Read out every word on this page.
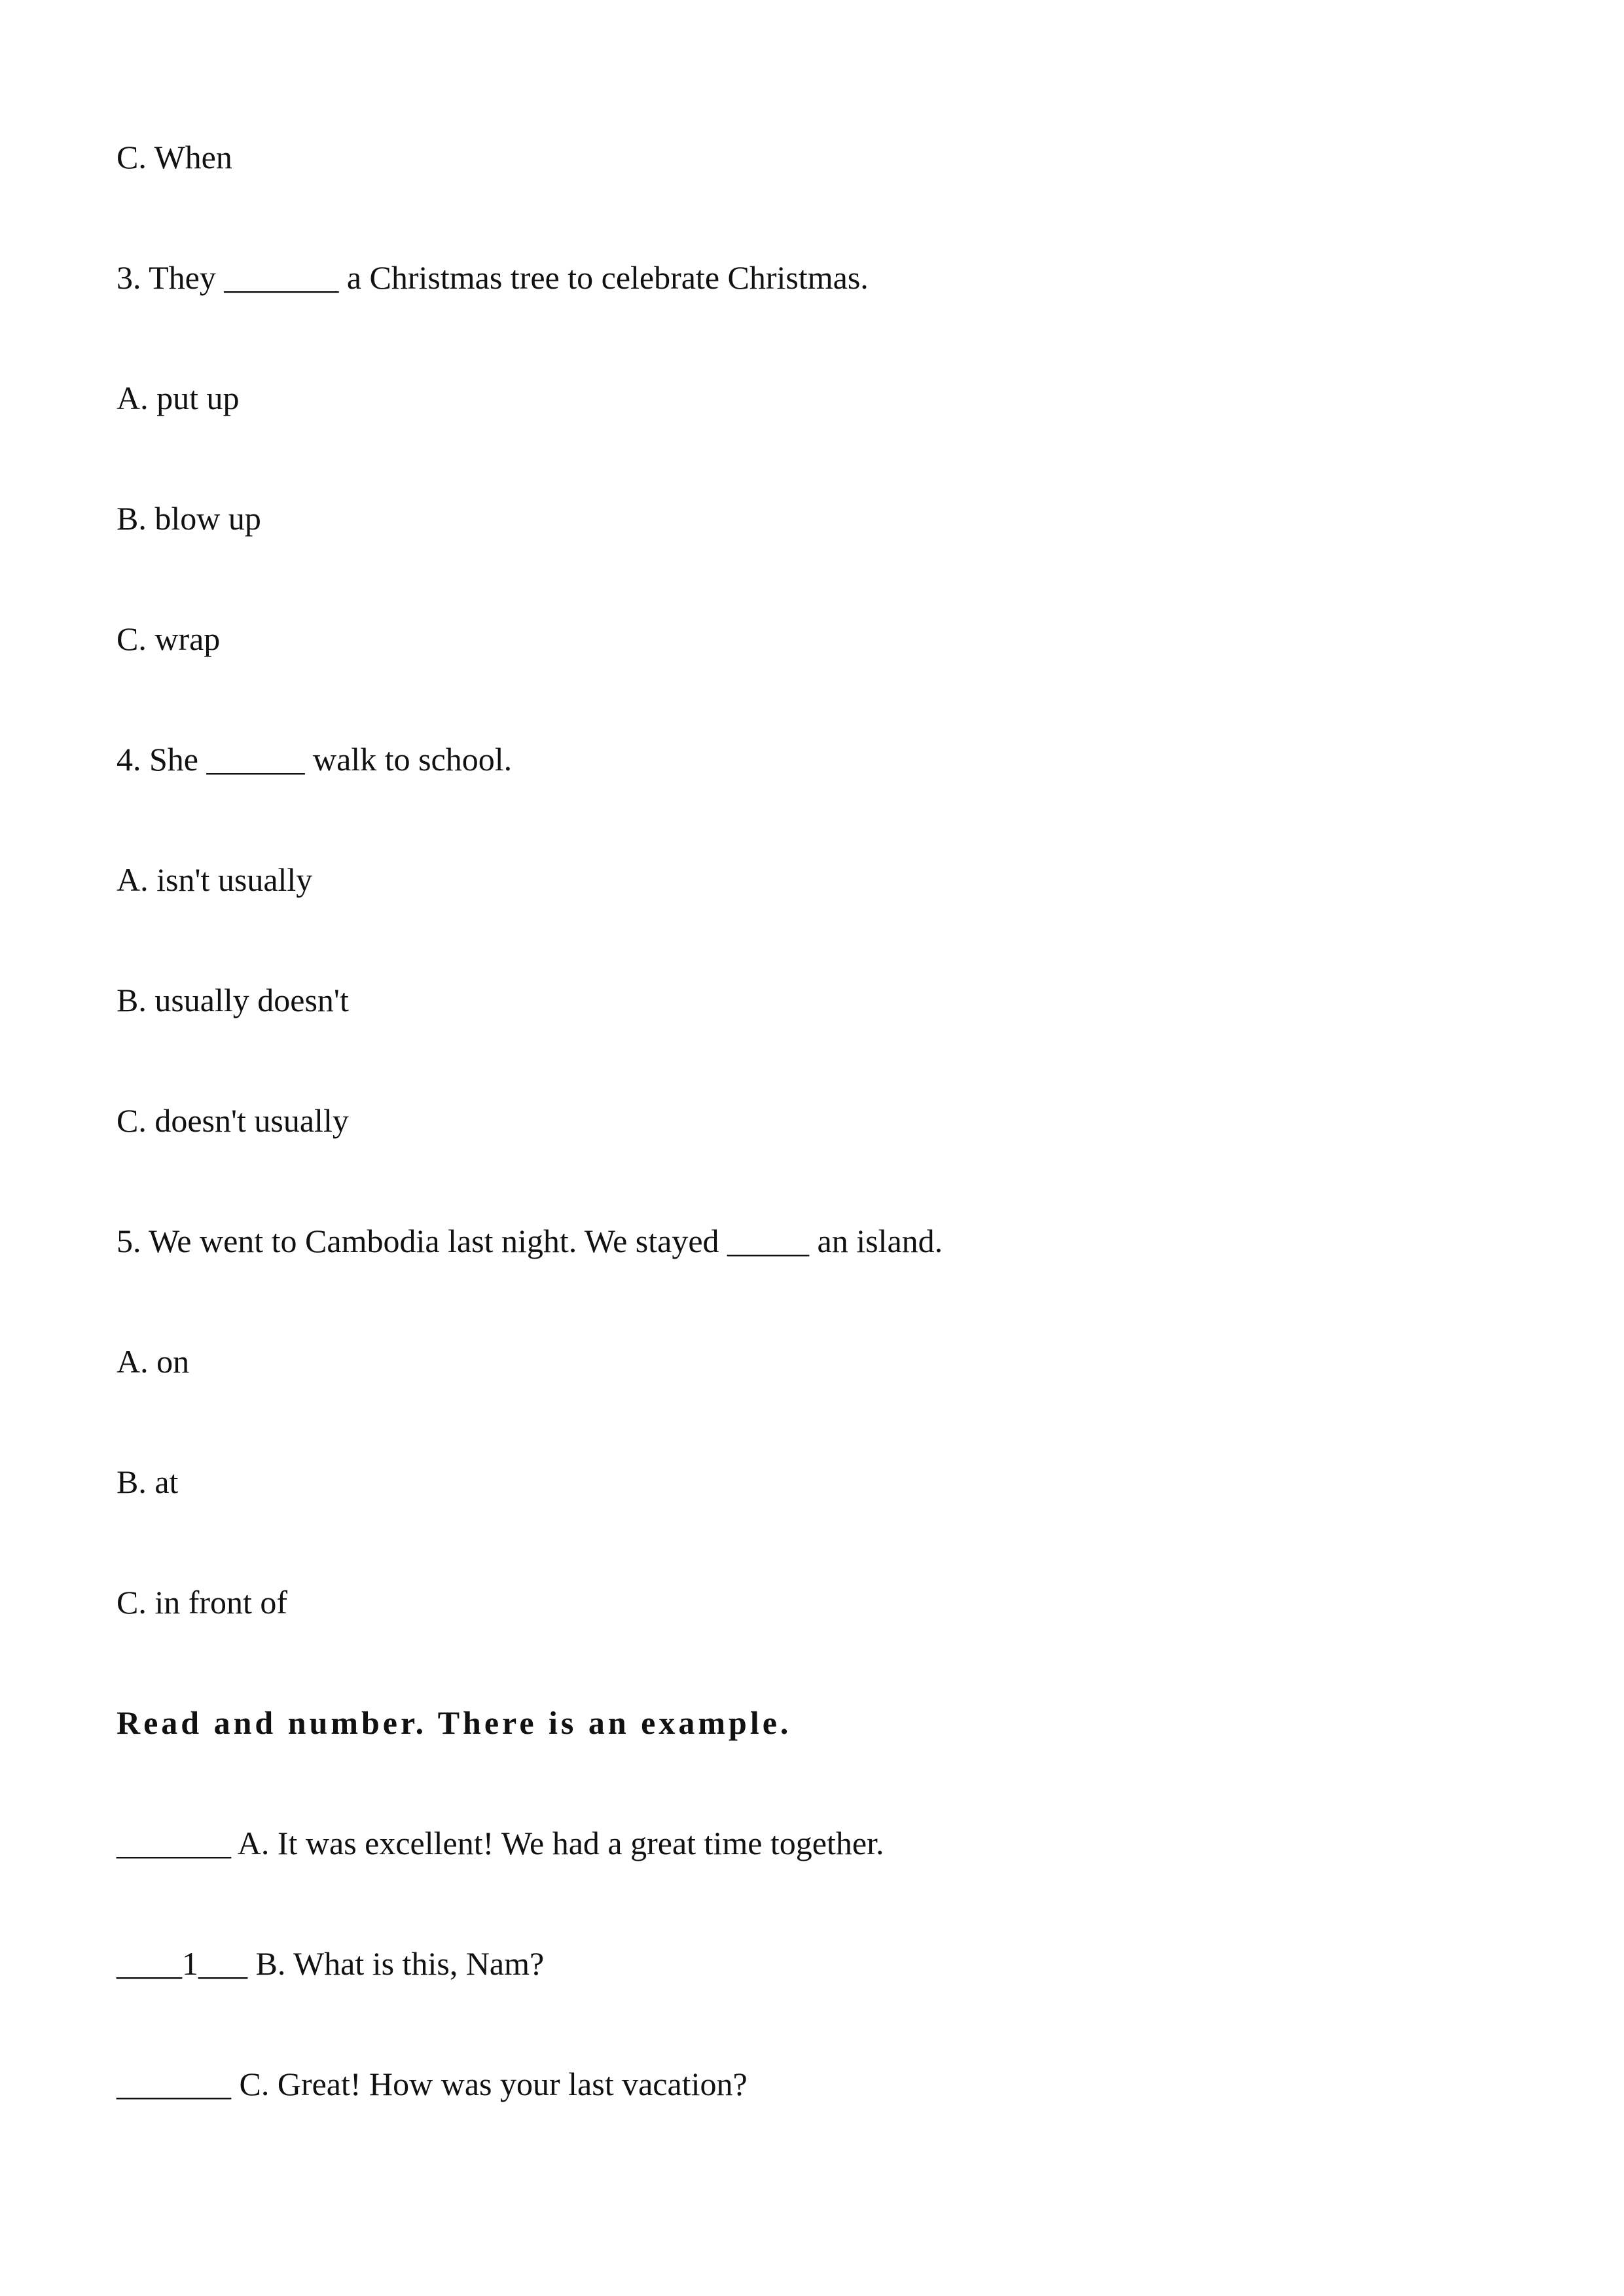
C. When
3. They _______ a Christmas tree to celebrate Christmas.
A. put up
B. blow up
C. wrap
4. She ______ walk to school.
A. isn't usually
B. usually doesn't
C. doesn't usually
5. We went to Cambodia last night. We stayed _____ an island.
A. on
B. at
C. in front of
Read and number. There is an example.
_______ A. It was excellent! We had a great time together.
____1___ B. What is this, Nam?
_______ C. Great! How was your last vacation?
